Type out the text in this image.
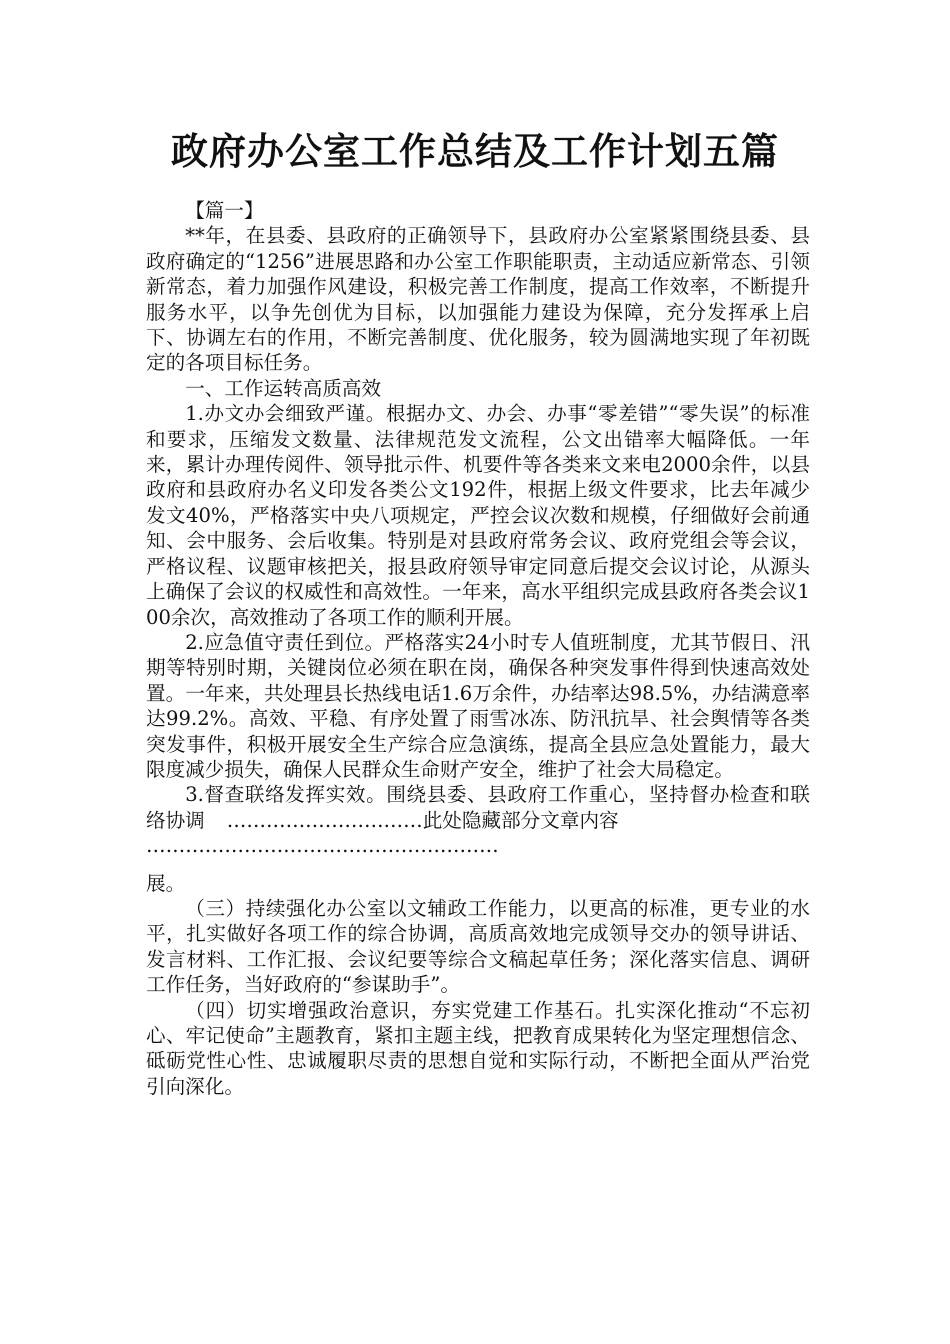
政府办公室工作总结及工作计划五篇

【篇一】

**年，在县委、县政府的正确领导下，县政府办公室紧紧围绕县委、县政府确定的“1256”进展思路和办公室工作职能职责，主动适应新常态、引领新常态，着力加强作风建设，积极完善工作制度，提高工作效率，不断提升服务水平，以争先创优为目标，以加强能力建设为保障，充分发挥承上启下、协调左右的作用，不断完善制度、优化服务，较为圆满地实现了年初既定的各项目标任务。

一、工作运转高质高效

1.办文办会细致严谨。根据办文、办会、办事“零差错”“零失误”的标准和要求，压缩发文数量、法律规范发文流程，公文出错率大幅降低。一年来，累计办理传阅件、领导批示件、机要件等各类来文来电2000余件，以县政府和县政府办名义印发各类公文192件，根据上级文件要求，比去年减少发文40%，严格落实中央八项规定，严控会议次数和规模，仔细做好会前通知、会中服务、会后收集。特别是对县政府常务会议、政府党组会等会议，严格议程、议题审核把关，报县政府领导审定同意后提交会议讨论，从源头上确保了会议的权威性和高效性。一年来，高水平组织完成县政府各类会议100余次，高效推动了各项工作的顺利开展。

2.应急值守责任到位。严格落实24小时专人值班制度，尤其节假日、汛期等特别时期，关键岗位必须在职在岗，确保各种突发事件得到快速高效处置。一年来，共处理县长热线电话1.6万余件，办结率达98.5%，办结满意率达99.2%。高效、平稳、有序处置了雨雪冰冻、防汛抗旱、社会舆情等各类突发事件，积极开展安全生产综合应急演练，提高全县应急处置能力，最大限度减少损失，确保人民群众生命财产安全，维护了社会大局稳定。

3.督查联络发挥实效。围绕县委、县政府工作重心，坚持督办检查和联络协调 …………………………此处隐藏部分文章内容

………………………………………………

展。

（三）持续强化办公室以文辅政工作能力，以更高的标准，更专业的水平，扎实做好各项工作的综合协调，高质高效地完成领导交办的领导讲话、发言材料、工作汇报、会议纪要等综合文稿起草任务；深化落实信息、调研工作任务，当好政府的“参谋助手”。

（四）切实增强政治意识，夯实党建工作基石。扎实深化推动“不忘初心、牢记使命”主题教育，紧扣主题主线，把教育成果转化为坚定理想信念、砥砺党性心性、忠诚履职尽责的思想自觉和实际行动，不断把全面从严治党引向深化。
